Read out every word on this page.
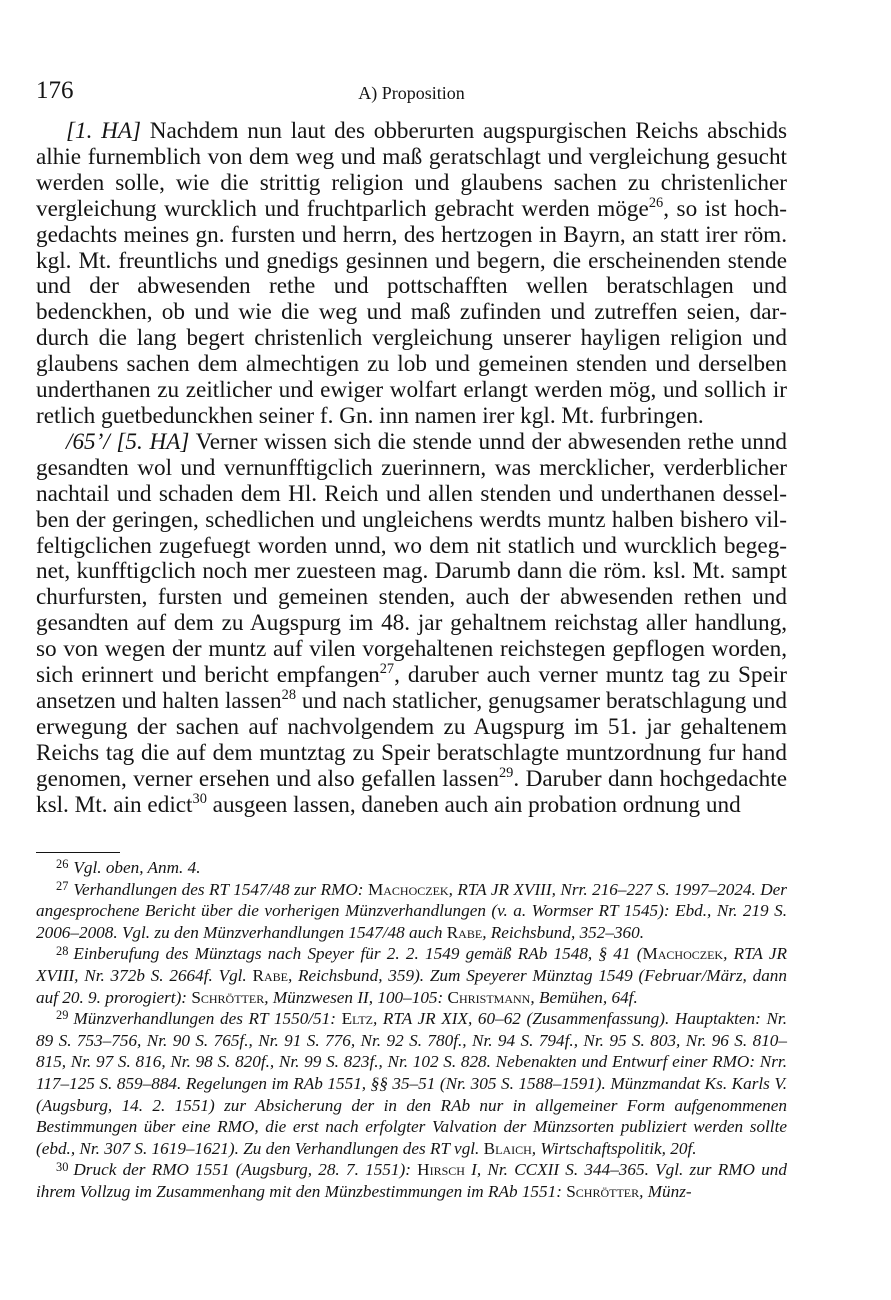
176	A) Proposition

[1. HA] Nachdem nun laut des obberurten augspurgischen Reichs abschids alhie furnemblich von dem weg und maß geratschlagt und vergleichung gesucht werden solle, wie die strittig religion und glaubens sachen zu christenlicher vergleichung wurcklich und fruchtparlich gebracht werden möge$^{26}$, so ist hochgedachts meines gn. fursten und herrn, des hertzogen in Bayrn, an statt irer röm. kgl. Mt. freuntlichs und gnedigs gesinnen und begern, die erscheinenden stende und der abwesenden rethe und pottschafften wellen beratschlagen und bedenckhen, ob und wie die weg und maß zufinden und zutreffen seien, dardurch die lang begert christenlich vergleichung unserer hayligen religion und glaubens sachen dem almechtigen zu lob und gemeinen stenden und derselben underthanen zu zeitlicher und ewiger wolfart erlangt werden mög, und sollich ir retlich guetbedunckhen seiner f. Gn. inn namen irer kgl. Mt. furbringen.

/65’/ [5. HA] Verner wissen sich die stende unnd der abwesenden rethe unnd gesandten wol und vernunfftigclich zuerinnern, was mercklicher, verderblicher nachtail und schaden dem Hl. Reich und allen stenden und underthanen desselben der geringen, schedlichen und ungleichens werdts muntz halben bishero vilfeltigclichen zugefuegt worden unnd, wo dem nit statlich und wurcklich begegnet, kunfftigclich noch mer zuesteen mag. Darumb dann die röm. ksl. Mt. sampt churfursten, fursten und gemeinen stenden, auch der abwesenden rethen und gesandten auf dem zu Augspurg im 48. jar gehaltnem reichstag aller handlung, so von wegen der muntz auf vilen vorgehaltenen reichstegen gepflogen worden, sich erinnert und bericht empfangen$^{27}$, daruber auch verner muntz tag zu Speir ansetzen und halten lassen$^{28}$ und nach statlicher, genugsamer beratschlagung und erwegung der sachen auf nachvolgendem zu Augspurg im 51. jar gehaltenem Reichs tag die auf dem muntztag zu Speir beratschlagte muntzordnung fur hand genomen, verner ersehen und also gefallen lassen$^{29}$. Daruber dann hochgedachte ksl. Mt. ain edict$^{30}$ ausgeen lassen, daneben auch ain probation ordnung und

$^{26}$ Vgl. oben, Anm. 4.

$^{27}$ Verhandlungen des RT 1547/48 zur RMO: Machoczek, RTA JR XVIII, Nrr. 216–227 S. 1997–2024. Der angesprochene Bericht über die vorherigen Münzverhandlungen (v. a. Wormser RT 1545): Ebd., Nr. 219 S. 2006–2008. Vgl. zu den Münzverhandlungen 1547/48 auch Rabe, Reichsbund, 352–360.

$^{28}$ Einberufung des Münztags nach Speyer für 2. 2. 1549 gemäß RAb 1548, § 41 (Machoczek, RTA JR XVIII, Nr. 372b S. 2664f. Vgl. Rabe, Reichsbund, 359). Zum Speyerer Münztag 1549 (Februar/März, dann auf 20. 9. prorogiert): Schrötter, Münzwesen II, 100–105: Christmann, Bemühen, 64f.

$^{29}$ Münzverhandlungen des RT 1550/51: Eltz, RTA JR XIX, 60–62 (Zusammenfassung). Hauptakten: Nr. 89 S. 753–756, Nr. 90 S. 765f., Nr. 91 S. 776, Nr. 92 S. 780f., Nr. 94 S. 794f., Nr. 95 S. 803, Nr. 96 S. 810–815, Nr. 97 S. 816, Nr. 98 S. 820f., Nr. 99 S. 823f., Nr. 102 S. 828. Nebenakten und Entwurf einer RMO: Nrr. 117–125 S. 859–884. Regelungen im RAb 1551, §§ 35–51 (Nr. 305 S. 1588–1591). Münzmandat Ks. Karls V. (Augsburg, 14. 2. 1551) zur Absicherung der in den RAb nur in allgemeiner Form aufgenommenen Bestimmungen über eine RMO, die erst nach erfolgter Valvation der Münzsorten publiziert werden sollte (ebd., Nr. 307 S. 1619–1621). Zu den Verhandlungen des RT vgl. Blaich, Wirtschaftspolitik, 20f.

$^{30}$ Druck der RMO 1551 (Augsburg, 28. 7. 1551): Hirsch I, Nr. CCXII S. 344–365. Vgl. zur RMO und ihrem Vollzug im Zusammenhang mit den Münzbestimmungen im RAb 1551: Schrötter, Münz-
